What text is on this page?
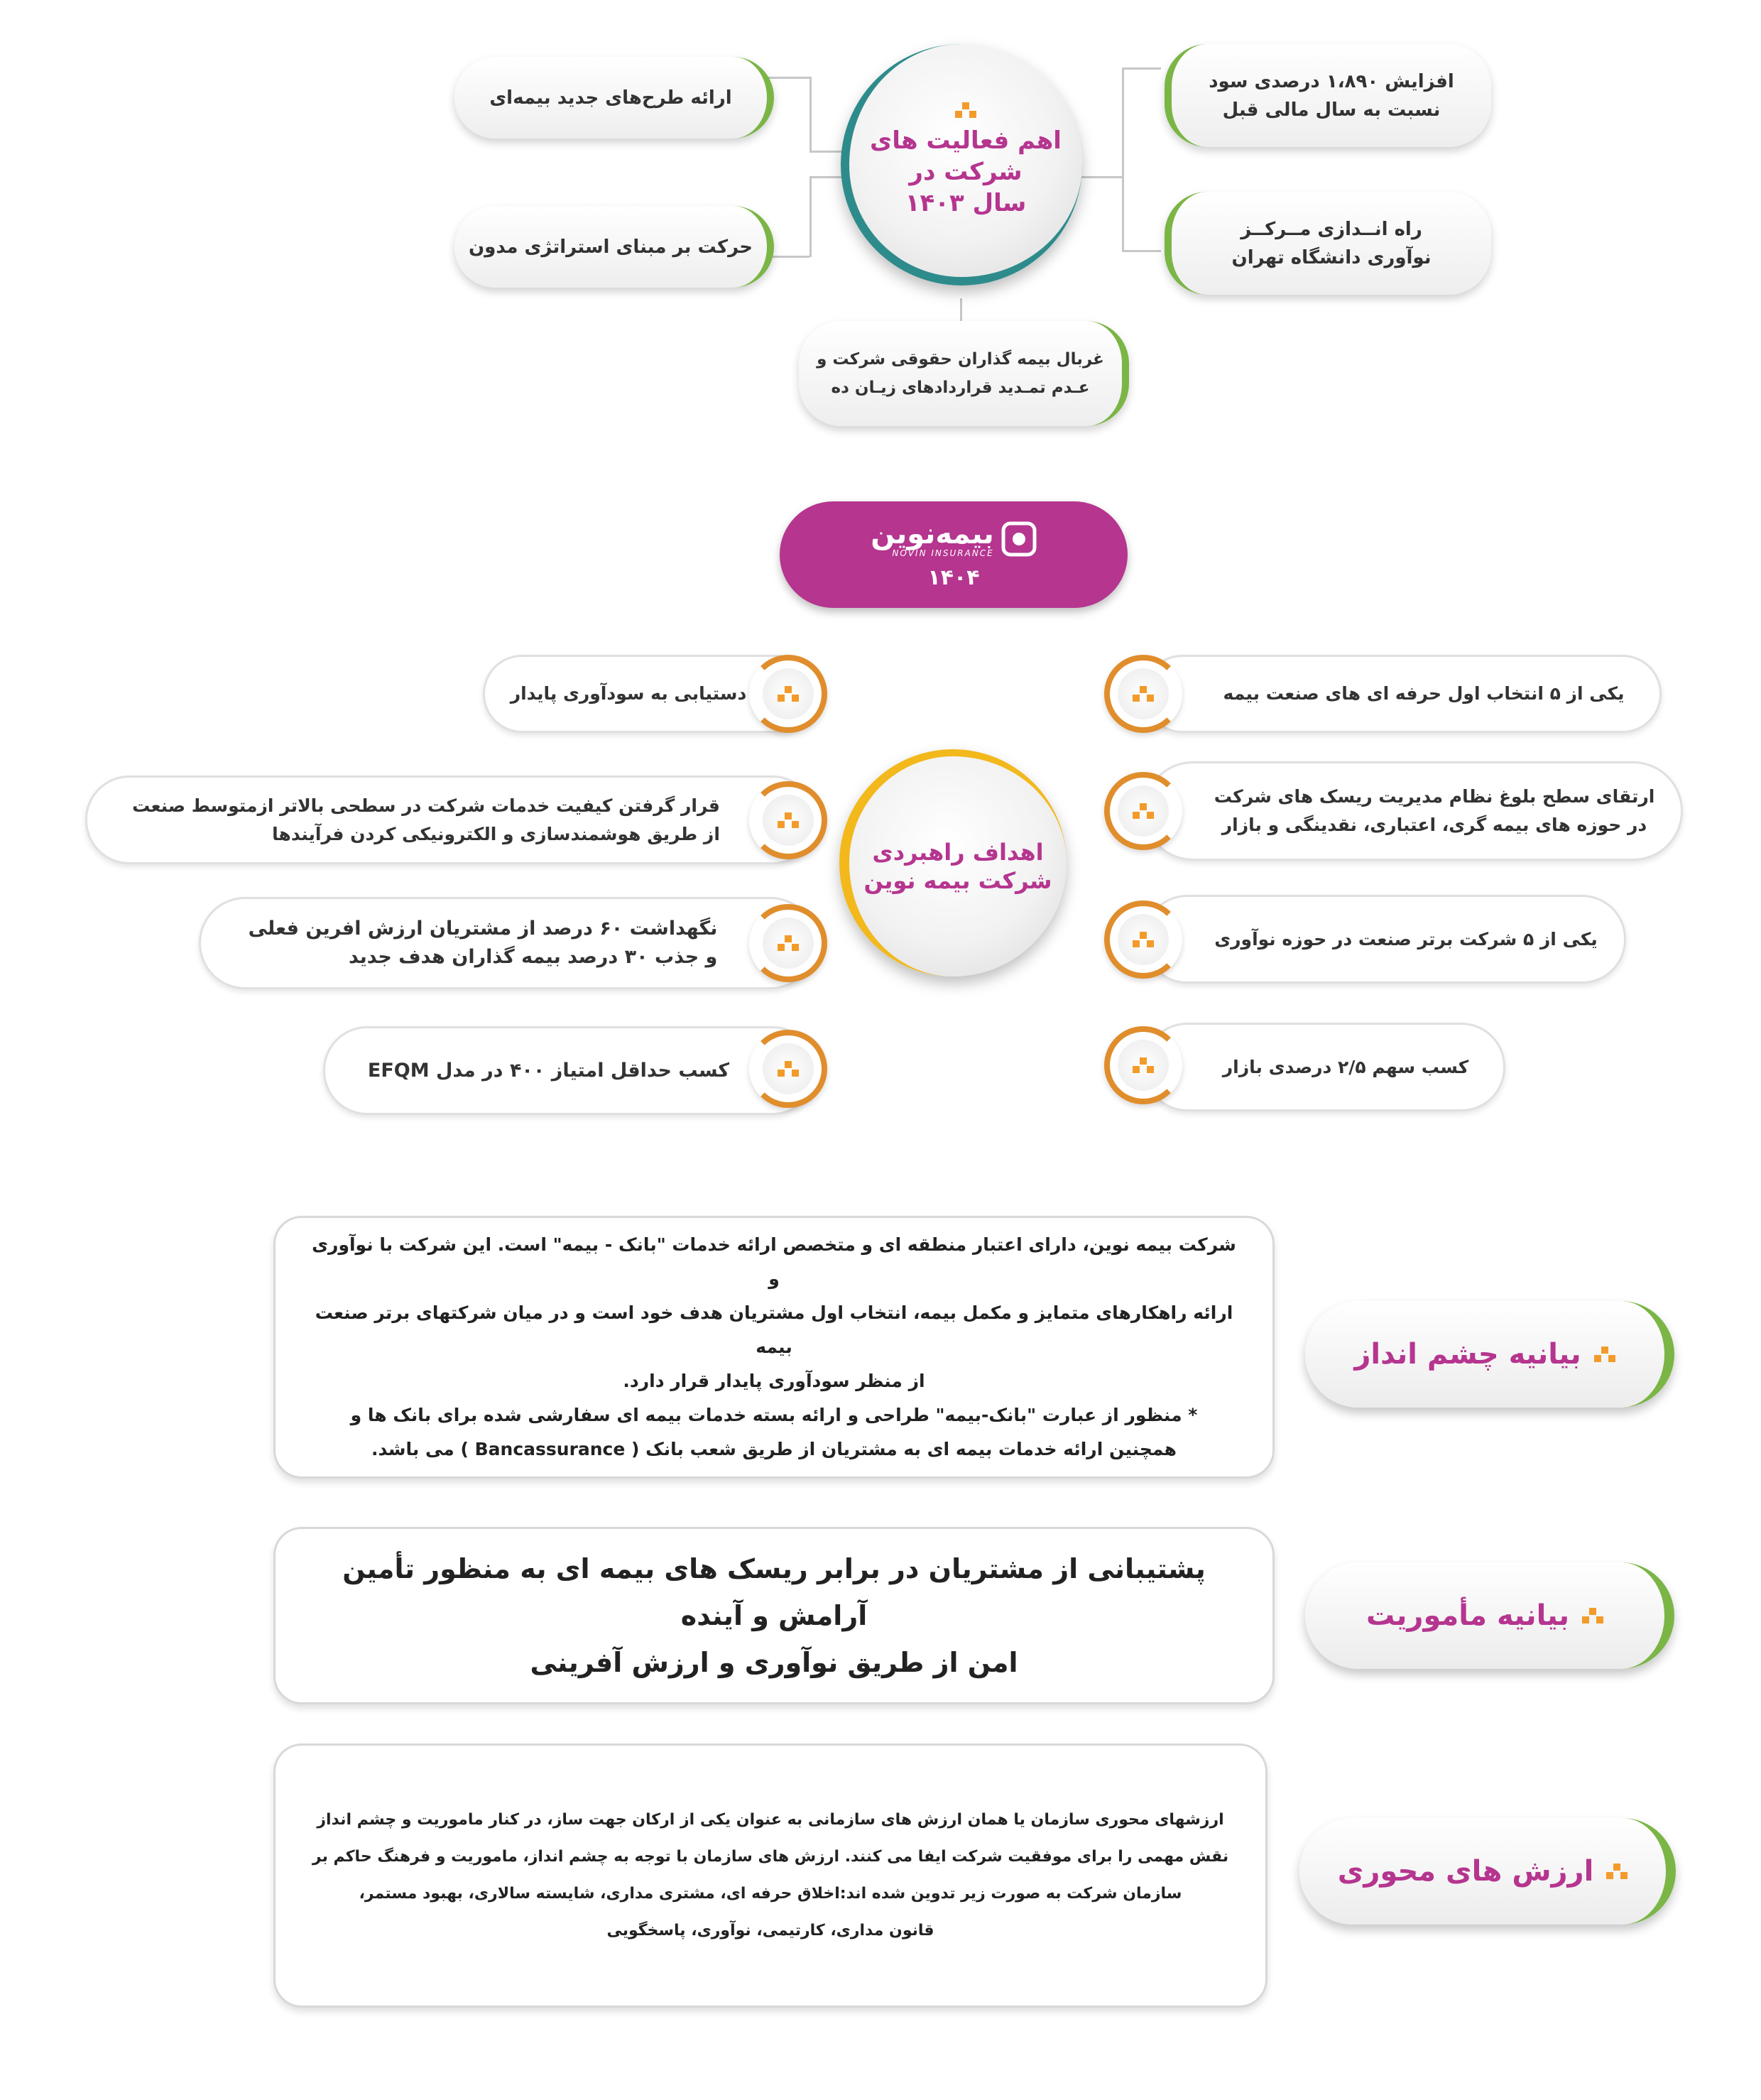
اهم فعالیت های
شرکت در
سال ۱۴۰۳
ارائه طرح‌های جدید بیمه‌ای
حرکت بر مبنای استراتژی مدون
افزایش ۱،۸۹۰ درصدی سود
نسبت به سال مالی قبل
راه انــدازی مــرکــز
نوآوری دانشگاه تهران
غربال بیمه گذاران حقوقی شرکت و
عـدم تمـدید قراردادهای زیـان ده
بیمه‌نوین
NOVIN INSURANCE
۱۴۰۴
یکی از ۵ انتخاب اول حرفه ای های صنعت بیمه
ارتقای سطح بلوغ نظام مدیریت ریسک های شرکت
در حوزه های بیمه گری، اعتباری، نقدینگی و بازار
یکی از ۵ شرکت برتر صنعت در حوزه نوآوری
کسب سهم ۲/۵ درصدی بازار
دستیابی به سودآوری پایدار
قرار گرفتن کیفیت خدمات شرکت در سطحی بالاتر ازمتوسط صنعت
از طریق هوشمندسازی و الکترونیکی کردن فرآیندها
نگهداشت ۶۰ درصد از مشتریان ارزش افرین فعلی
و جذب ۳۰ درصد بیمه گذاران هدف جدید
کسب حداقل امتیاز ۴۰۰ در مدل EFQM
اهداف راهبردی
شرکت بیمه نوین
شرکت بیمه نوین، دارای اعتبار منطقه ای و متخصص ارائه خدمات "بانک - بیمه" است. این شرکت با نوآوری و
ارائه راهکارهای متمایز و مکمل بیمه، انتخاب اول مشتریان هدف خود است و در میان شرکتهای برتر صنعت بیمه
از منظر سودآوری پایدار قرار دارد.
* منظور از عبارت "بانک-بیمه" طراحی و ارائه بسته خدمات بیمه ای سفارشی شده برای بانک ها و
همچنین ارائه خدمات بیمه ای به مشتریان از طریق شعب بانک ( Bancassurance ) می باشد.
بیانیه چشم انداز
پشتیبانی از مشتریان در برابر ریسک های بیمه ای به منظور تأمین آرامش و آینده
امن از طریق نوآوری و ارزش آفرینی
بیانیه مأموریت
ارزشهای محوری سازمان یا همان ارزش های سازمانی به عنوان یکی از ارکان جهت ساز، در کنار ماموریت و چشم انداز
نقش مهمی را برای موفقیت شرکت ایفا می کنند. ارزش های سازمان با توجه به چشم انداز، ماموریت و فرهنگ حاکم بر
سازمان شرکت به صورت زیر تدوین شده اند:اخلاق حرفه ای، مشتری مداری، شایسته سالاری، بهبود مستمر،
قانون مداری، کارتیمی، نوآوری، پاسخگویی
ارزش های محوری
